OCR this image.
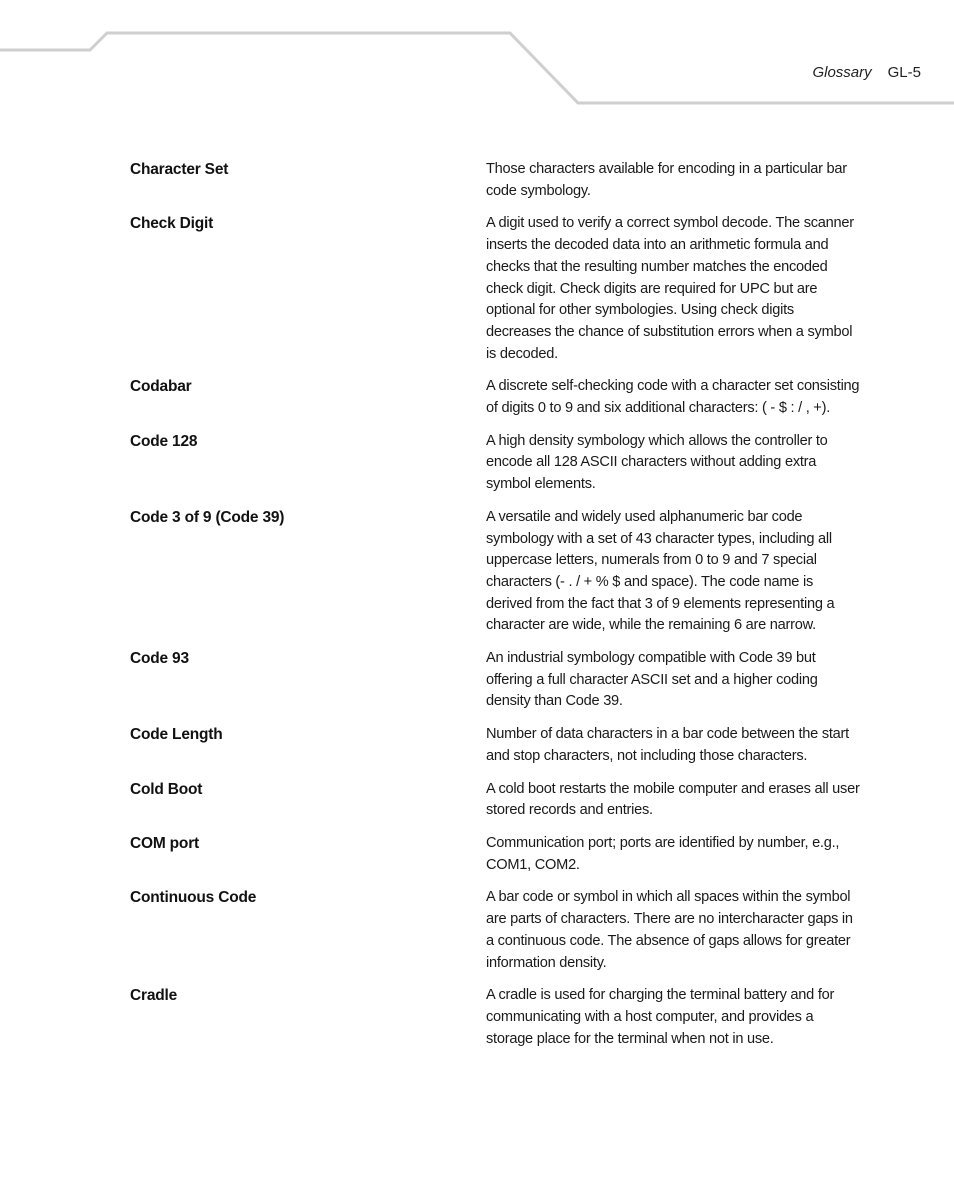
Glossary GL-5
Character Set	Those characters available for encoding in a particular bar code symbology.
Check Digit	A digit used to verify a correct symbol decode. The scanner inserts the decoded data into an arithmetic formula and checks that the resulting number matches the encoded check digit. Check digits are required for UPC but are optional for other symbologies. Using check digits decreases the chance of substitution errors when a symbol is decoded.
Codabar	A discrete self-checking code with a character set consisting of digits 0 to 9 and six additional characters: ( - $ : / , +).
Code 128	A high density symbology which allows the controller to encode all 128 ASCII characters without adding extra symbol elements.
Code 3 of 9 (Code 39)	A versatile and widely used alphanumeric bar code symbology with a set of 43 character types, including all uppercase letters, numerals from 0 to 9 and 7 special characters (- . / + % $ and space). The code name is derived from the fact that 3 of 9 elements representing a character are wide, while the remaining 6 are narrow.
Code 93	An industrial symbology compatible with Code 39 but offering a full character ASCII set and a higher coding density than Code 39.
Code Length	Number of data characters in a bar code between the start and stop characters, not including those characters.
Cold Boot	A cold boot restarts the mobile computer and erases all user stored records and entries.
COM port	Communication port; ports are identified by number, e.g., COM1, COM2.
Continuous Code	A bar code or symbol in which all spaces within the symbol are parts of characters. There are no intercharacter gaps in a continuous code. The absence of gaps allows for greater information density.
Cradle	A cradle is used for charging the terminal battery and for communicating with a host computer, and provides a storage place for the terminal when not in use.
